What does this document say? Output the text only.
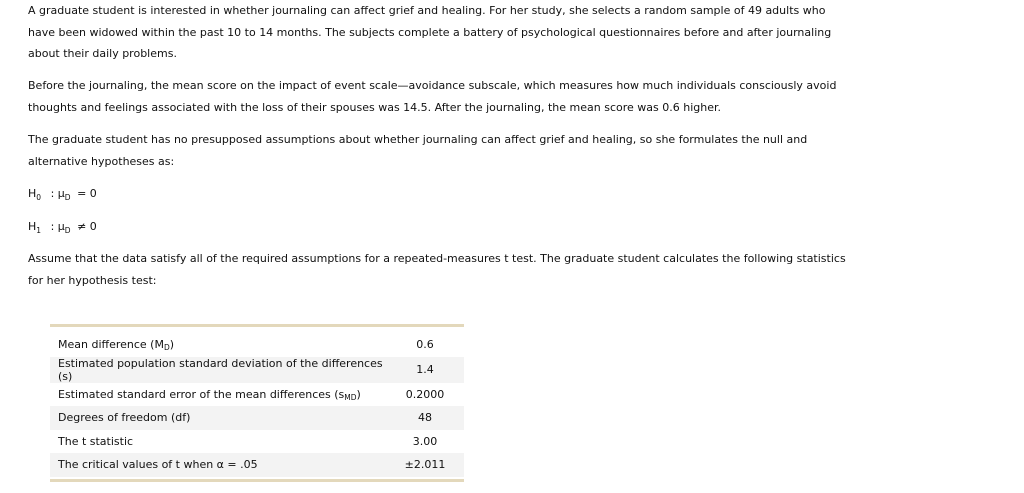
A graduate student is interested in whether journaling can affect grief and healing. For her study, she selects a random sample of 49 adults who have been widowed within the past 10 to 14 months. The subjects complete a battery of psychological questionnaires before and after journaling about their daily problems.

Before the journaling, the mean score on the impact of event scale—avoidance subscale, which measures how much individuals consciously avoid thoughts and feelings associated with the loss of their spouses was 14.5. After the journaling, the mean score was 0.6 higher.

The graduate student has no presupposed assumptions about whether journaling can affect grief and healing, so she formulates the null and alternative hypotheses as:

$H_0$ : $\mu_D = 0$
$H_1$ : $\mu_D \ne 0$

Assume that the data satisfy all of the required assumptions for a repeated-measures t test. The graduate student calculates the following statistics for her hypothesis test:

Mean difference (MD)	0.6
Estimated population standard deviation of the differences (s)	1.4
Estimated standard error of the mean differences (sMD)	0.2000
Degrees of freedom (df)	48
The t statistic	3.00
The critical values of t when α = .05	±2.011
